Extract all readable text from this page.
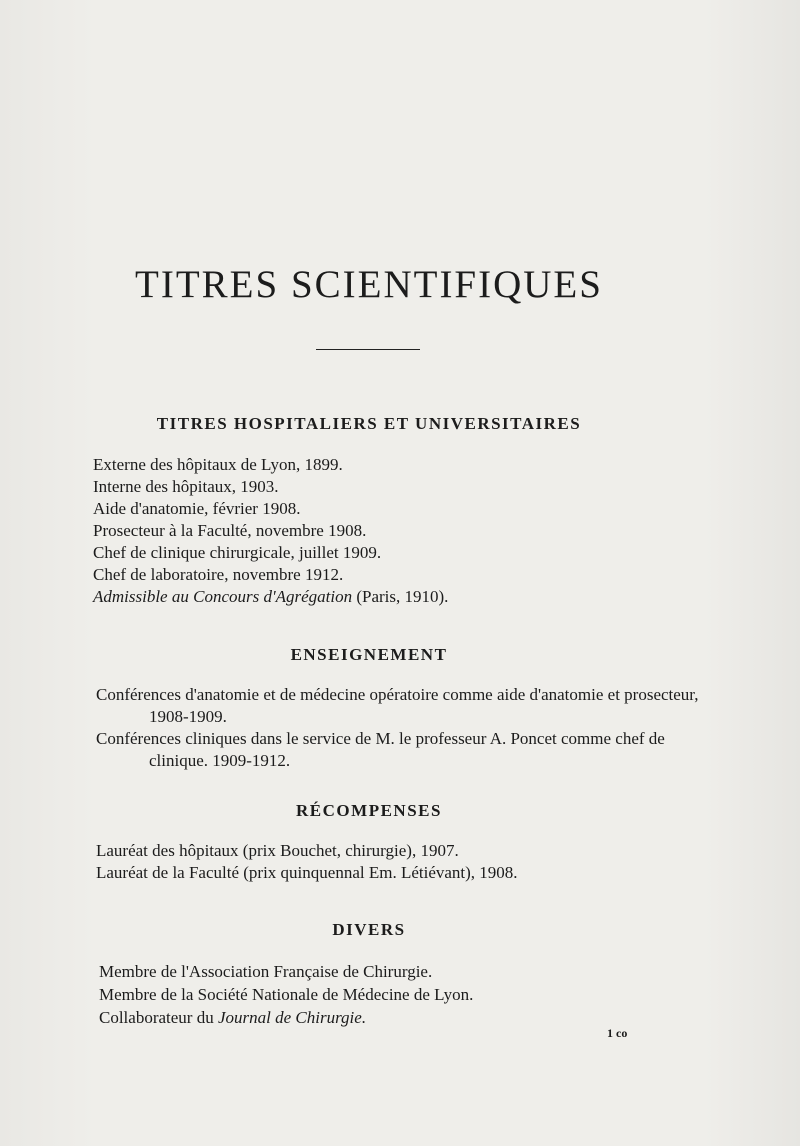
TITRES SCIENTIFIQUES
TITRES HOSPITALIERS ET UNIVERSITAIRES
Externe des hôpitaux de Lyon, 1899.
Interne des hôpitaux, 1903.
Aide d'anatomie, février 1908.
Prosecteur à la Faculté, novembre 1908.
Chef de clinique chirurgicale, juillet 1909.
Chef de laboratoire, novembre 1912.
Admissible au Concours d'Agrégation (Paris, 1910).
ENSEIGNEMENT
Conférences d'anatomie et de médecine opératoire comme aide d'anatomie et prosecteur, 1908-1909.
Conférences cliniques dans le service de M. le professeur A. Poncet comme chef de clinique. 1909-1912.
RÉCOMPENSES
Lauréat des hôpitaux (prix Bouchet, chirurgie), 1907.
Lauréat de la Faculté (prix quinquennal Em. Létiévant), 1908.
DIVERS
Membre de l'Association Française de Chirurgie.
Membre de la Société Nationale de Médecine de Lyon.
Collaborateur du Journal de Chirurgie.
1 co
